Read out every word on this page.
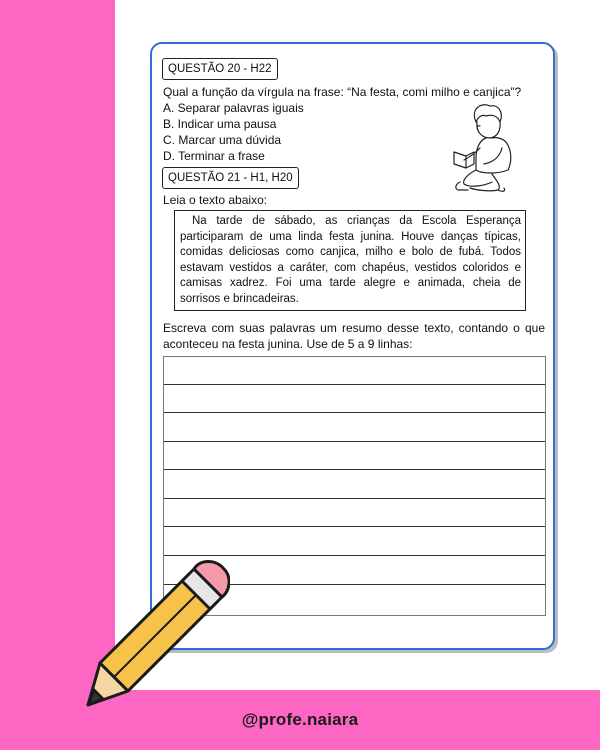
@profe.naiara
QUESTÃO 20 - H22
Qual a função da vírgula na frase: “Na festa, comi milho e canjica”?
A. Separar palavras iguais
B. Indicar uma pausa
C. Marcar uma dúvida
D. Terminar a frase
QUESTÃO 21 - H1, H20
Leia o texto abaixo:
Na tarde de sábado, as crianças da Escola Esperança participaram de uma linda festa junina. Houve danças típicas, comidas deliciosas como canjica, milho e bolo de fubá. Todos estavam vestidos a caráter, com chapéus, vestidos coloridos e camisas xadrez. Foi uma tarde alegre e animada, cheia de sorrisos e brincadeiras.
Escreva com suas palavras um resumo desse texto, contando o que aconteceu na festa junina. Use de 5 a 9 linhas:
